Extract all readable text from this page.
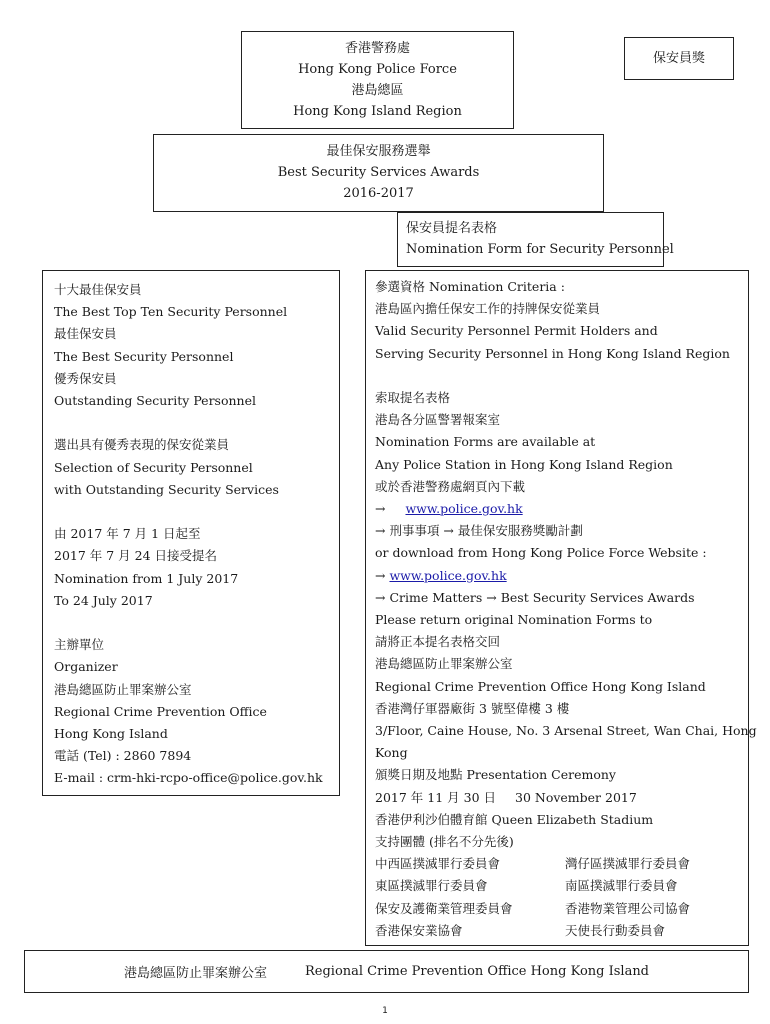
香港警務處
Hong Kong Police Force
港島總區
Hong Kong Island Region
保安員獎
最佳保安服務選舉
Best Security Services Awards
2016-2017
保安員提名表格
Nomination Form for Security Personnel
十大最佳保安員
The Best Top Ten Security Personnel
最佳保安員
The Best Security Personnel
優秀保安員
Outstanding Security Personnel
選出具有優秀表現的保安從業員
Selection of Security Personnel
with Outstanding Security Services
由 2017 年 7 月 1 日起至
2017 年 7 月 24 日接受提名
Nomination from 1 July 2017
To 24 July 2017
主辦單位
Organizer
港島總區防止罪案辦公室
Regional Crime Prevention Office
Hong Kong Island
電話 (Tel) : 2860 7894
E-mail : crm-hki-rcpo-office@police.gov.hk
參選資格 Nomination Criteria :
港島區內擔任保安工作的持牌保安從業員
Valid Security Personnel Permit Holders and
Serving Security Personnel in Hong Kong Island Region
索取提名表格
港島各分區警署報案室
Nomination Forms are available at
Any Police Station in Hong Kong Island Region
或於香港警務處網頁內下載
→ www.police.gov.hk
→ 刑事事項 → 最佳保安服務獎勵計劃
or download from Hong Kong Police Force Website :
→ www.police.gov.hk
→ Crime Matters → Best Security Services Awards
Please return original Nomination Forms to
請將正本提名表格交回
港島總區防止罪案辦公室
Regional Crime Prevention Office Hong Kong Island
香港灣仔軍器廠街 3 號堅偉樓 3 樓
3/Floor, Caine House, No. 3 Arsenal Street, Wan Chai, Hong
Kong
頒獎日期及地點 Presentation Ceremony
2017 年 11 月 30 日	30 November 2017
香港伊利沙伯體育館 Queen Elizabeth Stadium
支持團體 (排名不分先後)
中西區撲滅罪行委員會	灣仔區撲滅罪行委員會
東區撲滅罪行委員會	南區撲滅罪行委員會
保安及護衛業管理委員會	香港物業管理公司協會
香港保安業協會	天使長行動委員會
港島總區防止罪案辦公室	Regional Crime Prevention Office Hong Kong Island
1
